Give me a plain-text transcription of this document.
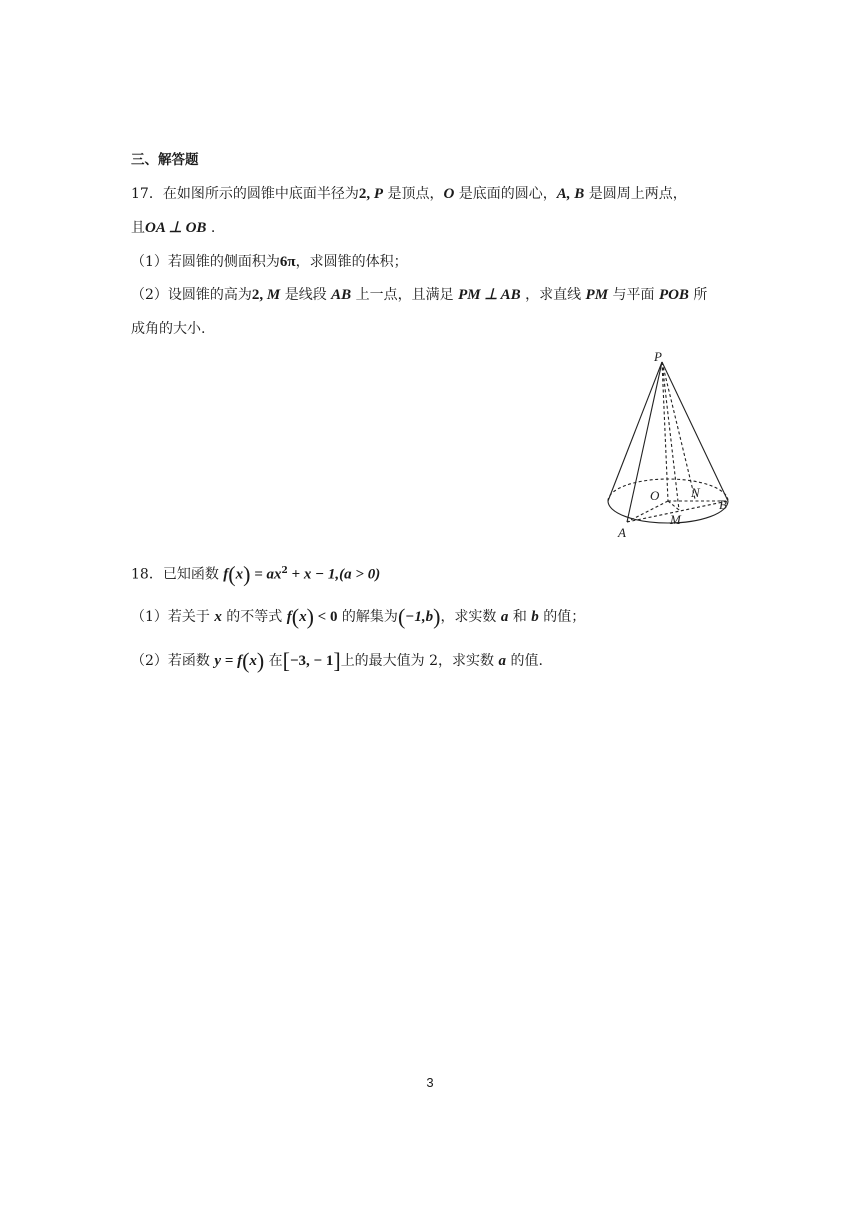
三、解答题
17．在如图所示的圆锥中底面半径为2, P 是顶点，O 是底面的圆心，A, B 是圆周上两点，
且OA ⊥ OB .
（1）若圆锥的侧面积为6π，求圆锥的体积；
（2）设圆锥的高为2, M 是线段 AB 上一点，且满足 PM ⊥ AB ，求直线 PM 与平面 POB 所
成角的大小.
P
O N
B
A
M
18．已知函数 $f(x) = ax^2 + x - 1,(a > 0)$
（1）若关于 x 的不等式 f(x) < 0 的解集为(−1,b)，求实数 a 和 b 的值；
（2）若函数 y = f(x) 在[−3, − 1]上的最大值为 2，求实数 a 的值.
3
